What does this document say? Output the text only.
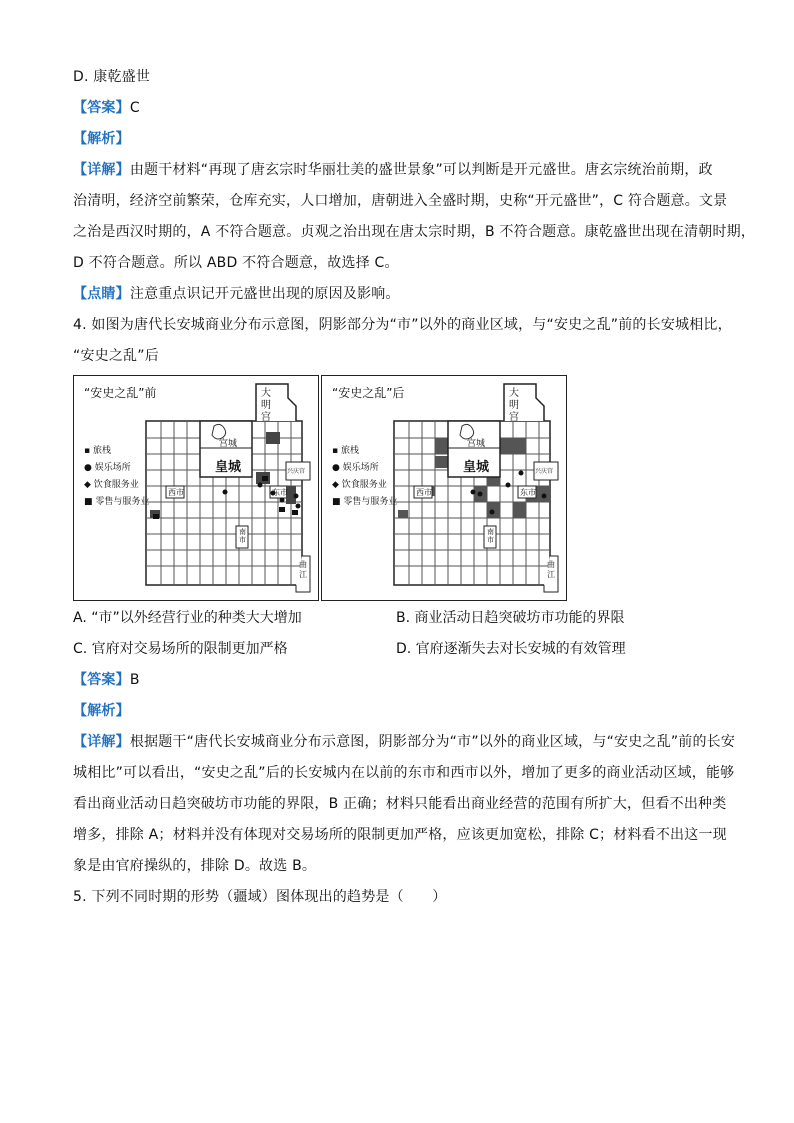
D. 康乾盛世
【答案】C
【解析】
【详解】由题干材料“再现了唐玄宗时华丽壮美的盛世景象”可以判断是开元盛世。唐玄宗统治前期，政
治清明，经济空前繁荣，仓库充实，人口增加，唐朝进入全盛时期，史称“开元盛世”，C 符合题意。文景
之治是西汉时期的，A 不符合题意。贞观之治出现在唐太宗时期，B 不符合题意。康乾盛世出现在清朝时期，
D 不符合题意。所以 ABD 不符合题意，故选择 C。
【点睛】注意重点识记开元盛世出现的原因及影响。
4. 如图为唐代长安城商业分布示意图，阴影部分为“市”以外的商业区域，与“安史之乱”前的长安城相比，
“安史之乱”后
“安史之乱”前	大明宫
宫城
皇城
西市	东市
南市
曲江
兴庆宫
▪ 旅栈
● 娱乐场所
◆ 饮食服务业
■ 零售与服务业
“安史之乱”后	大明宫
宫城
皇城
西市	东市
南市
曲江
兴庆宫
▪ 旅栈
● 娱乐场所
◆ 饮食服务业
■ 零售与服务业
A. “市”以外经营行业的种类大大增加	B. 商业活动日趋突破坊市功能的界限
C. 官府对交易场所的限制更加严格	D. 官府逐渐失去对长安城的有效管理
【答案】B
【解析】
【详解】根据题干“唐代长安城商业分布示意图，阴影部分为“市”以外的商业区域，与“安史之乱”前的长安
城相比”可以看出，“安史之乱”后的长安城内在以前的东市和西市以外，增加了更多的商业活动区域，能够
看出商业活动日趋突破坊市功能的界限，B 正确；材料只能看出商业经营的范围有所扩大，但看不出种类
增多，排除 A；材料并没有体现对交易场所的限制更加严格，应该更加宽松，排除 C；材料看不出这一现
象是由官府操纵的，排除 D。故选 B。
5. 下列不同时期的形势（疆域）图体现出的趋势是（　　）
